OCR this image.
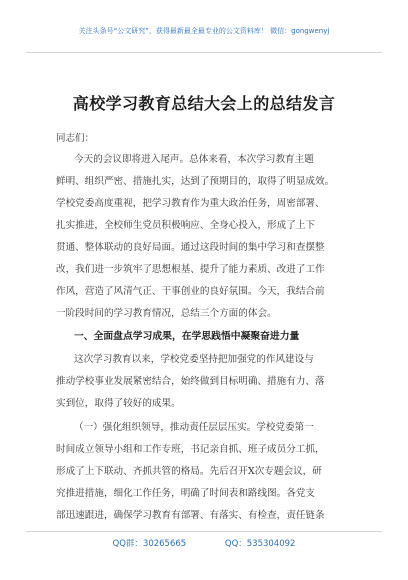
关注头条号“公文研究”，获得最新最全最专业的公文资料库！ 微信：gongwenyj
高校学习教育总结大会上的总结发言
同志们：
今天的会议即将进入尾声。总体来看，本次学习教育主题
鲜明、组织严密、措施扎实，达到了预期目的，取得了明显成效。
学校党委高度重视，把学习教育作为重大政治任务，周密部署、
扎实推进，全校师生党员积极响应、全身心投入，形成了上下
贯通、整体联动的良好局面。通过这段时间的集中学习和查摆整
改，我们进一步筑牢了思想根基、提升了能力素质、改进了工作
作风，营造了风清气正、干事创业的良好氛围。今天，我结合前
一阶段时间的学习教育情况，总结三个方面的体会。
一、全面盘点学习成果，在学思践悟中凝聚奋进力量
这次学习教育以来，学校党委坚持把加强党的作风建设与
推动学校事业发展紧密结合，始终做到目标明确、措施有力、落
实到位，取得了较好的成果。
（一）强化组织领导，推动责任层层压实。学校党委第一
时间成立领导小组和工作专班，书记亲自抓、班子成员分工抓，
形成了上下联动、齐抓共管的格局。先后召开X次专题会议，研
究推进措施，细化工作任务，明确了时间表和路线图。各党支
部迅速跟进，确保学习教育有部署、有落实、有检查，责任链条
QQ群：30265665	QQ：535304092
